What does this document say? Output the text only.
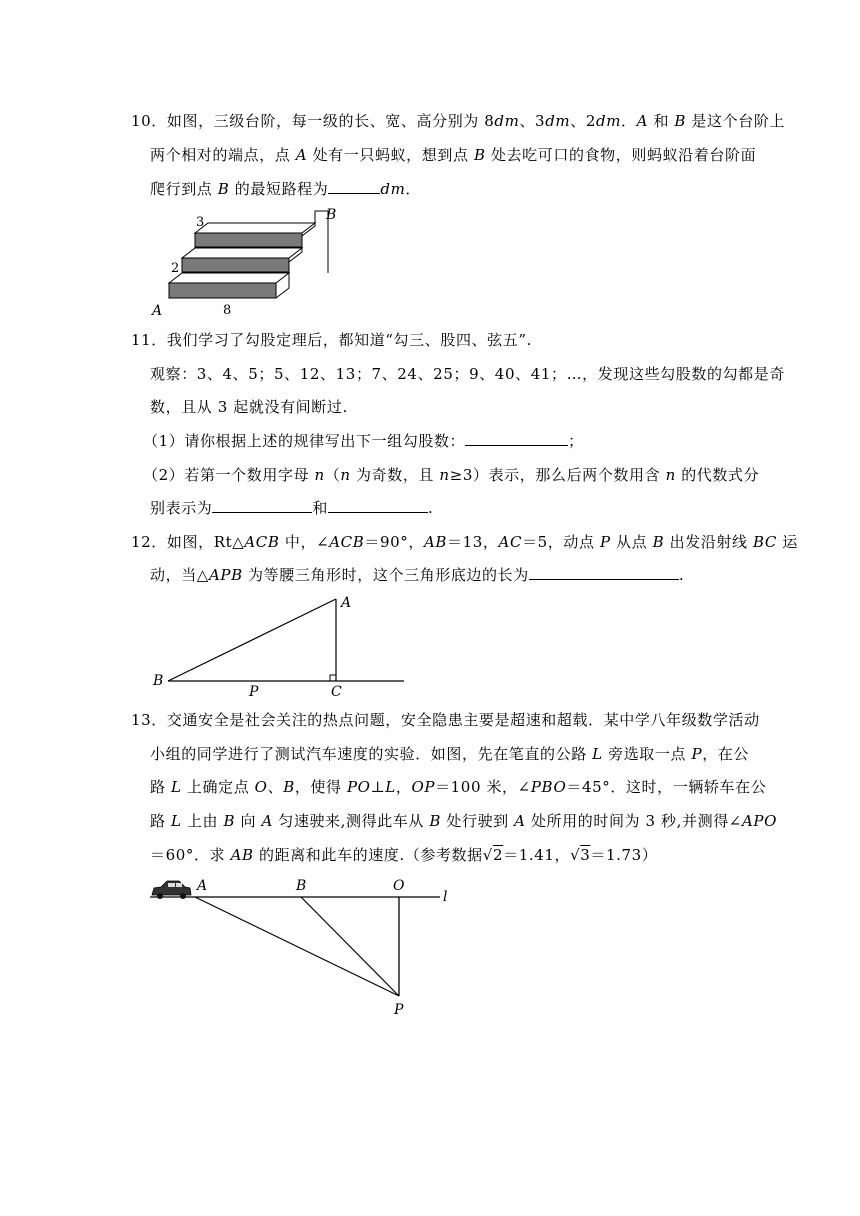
10．如图，三级台阶，每一级的长、宽、高分别为 8dm、3dm、2dm．A 和 B 是这个台阶上
两个相对的端点，点 A 处有一只蚂蚁，想到点 B 处去吃可口的食物，则蚂蚁沿着台阶面
爬行到点 B 的最短路程为	dm．
3
2
8
A
B
11．我们学习了勾股定理后，都知道“勾三、股四、弦五”.
观察：3、4、5；5、12、13；7、24、25；9、40、41；…，发现这些勾股数的勾都是奇
数，且从 3 起就没有间断过.
（1）请你根据上述的规律写出下一组勾股数：	；
（2）若第一个数用字母 n（n 为奇数，且 n≥3）表示，那么后两个数用含 n 的代数式分
别表示为	和	.
12．如图，Rt△ACB 中，∠ACB＝90°，AB＝13，AC＝5，动点 P 从点 B 出发沿射线 BC 运
动，当△APB 为等腰三角形时，这个三角形底边的长为	.
A
B
P	C
13．交通安全是社会关注的热点问题，安全隐患主要是超速和超载．某中学八年级数学活动
小组的同学进行了测试汽车速度的实验．如图，先在笔直的公路 L 旁选取一点 P，在公
路 L 上确定点 O、B，使得 PO⊥L，OP＝100 米，∠PBO＝45°．这时，一辆轿车在公
路 L 上由 B 向 A 匀速驶来,测得此车从 B 处行驶到 A 处所用的时间为 3 秒,并测得∠APO
＝60°．求 AB 的距离和此车的速度.（参考数据√2＝1.41，√3＝1.73）
A	B	O
l
P
